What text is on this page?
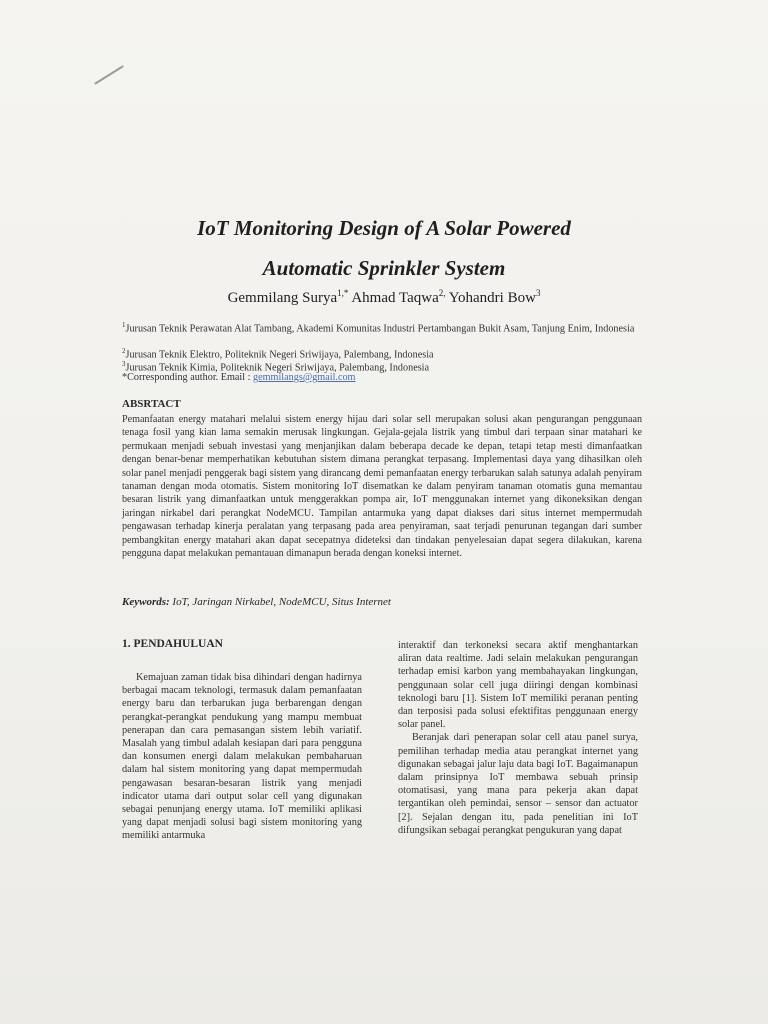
IoT Monitoring Design of A Solar Powered
Automatic Sprinkler System
Gemmilang Surya$^{1,*}$ Ahmad Taqwa$^{2,}$ Yohandri Bow$^3$
$^1$Jurusan Teknik Perawatan Alat Tambang, Akademi Komunitas Industri Pertambangan Bukit Asam, Tanjung Enim, Indonesia
$^2$Jurusan Teknik Elektro, Politeknik Negeri Sriwijaya, Palembang, Indonesia
$^3$Jurusan Teknik Kimia, Politeknik Negeri Sriwijaya, Palembang, Indonesia
*Corresponding author. Email : gemmilangs@gmail.com
ABSRTACT
Pemanfaatan energy matahari melalui sistem energy hijau dari solar sell merupakan solusi akan pengurangan penggunaan tenaga fosil yang kian lama semakin merusak lingkungan. Gejala-gejala listrik yang timbul dari terpaan sinar matahari ke permukaan menjadi sebuah investasi yang menjanjikan dalam beberapa decade ke depan, tetapi tetap mesti dimanfaatkan dengan benar-benar memperhatikan kebutuhan sistem dimana perangkat terpasang. Implementasi daya yang dihasilkan oleh solar panel menjadi penggerak bagi sistem yang dirancang demi pemanfaatan energy terbarukan salah satunya adalah penyiram tanaman dengan moda otomatis. Sistem monitoring IoT disematkan ke dalam penyiram tanaman otomatis guna memantau besaran listrik yang dimanfaatkan untuk menggerakkan pompa air, IoT menggunakan internet yang dikoneksikan dengan jaringan nirkabel dari perangkat NodeMCU. Tampilan antarmuka yang dapat diakses dari situs internet mempermudah pengawasan terhadap kinerja peralatan yang terpasang pada area penyiraman, saat terjadi penurunan tegangan dari sumber pembangkitan energy matahari akan dapat secepatnya dideteksi dan tindakan penyelesaian dapat segera dilakukan, karena pengguna dapat melakukan pemantauan dimanapun berada dengan koneksi internet.
Keywords: IoT, Jaringan Nirkabel, NodeMCU, Situs Internet
1. PENDAHULUAN

Kemajuan zaman tidak bisa dihindari dengan hadirnya berbagai macam teknologi, termasuk dalam pemanfaatan energy baru dan terbarukan juga berbarengan dengan perangkat-perangkat pendukung yang mampu membuat penerapan dan cara pemasangan sistem lebih variatif. Masalah yang timbul adalah kesiapan dari para pengguna dan konsumen energi dalam melakukan pembaharuan dalam hal sistem monitoring yang dapat mempermudah pengawasan besaran-besaran listrik yang menjadi indicator utama dari output solar cell yang digunakan sebagai penunjang energy utama. IoT memiliki aplikasi yang dapat menjadi solusi bagi sistem monitoring yang memiliki antarmuka

interaktif dan terkoneksi secara aktif menghantarkan aliran data realtime. Jadi selain melakukan pengurangan terhadap emisi karbon yang membahayakan lingkungan, penggunaan solar cell juga diiringi dengan kombinasi teknologi baru [1]. Sistem IoT memiliki peranan penting dan terposisi pada solusi efektifitas penggunaan energy solar panel.

Beranjak dari penerapan solar cell atau panel surya, pemilihan terhadap media atau perangkat internet yang digunakan sebagai jalur laju data bagi IoT. Bagaimanapun dalam prinsipnya IoT membawa sebuah prinsip otomatisasi, yang mana para pekerja akan dapat tergantikan oleh pemindai, sensor – sensor dan actuator [2]. Sejalan dengan itu, pada penelitian ini IoT difungsikan sebagai perangkat pengukuran yang dapat
